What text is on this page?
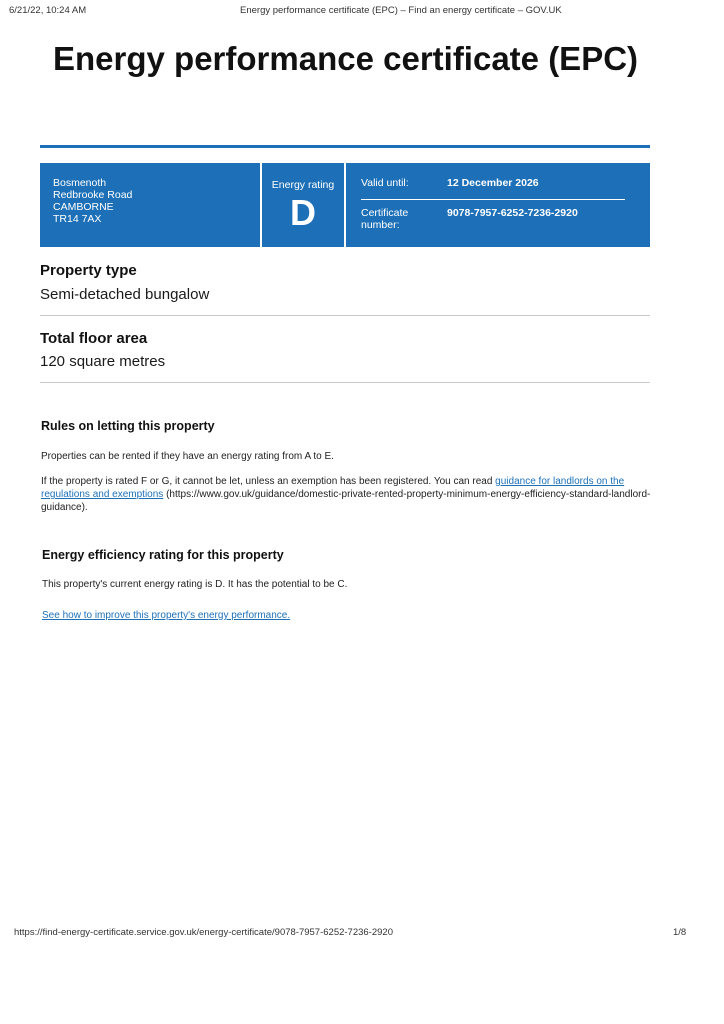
6/21/22, 10:24 AM	Energy performance certificate (EPC) – Find an energy certificate – GOV.UK
Energy performance certificate (EPC)
Bosmenoth
Redbrooke Road
CAMBORNE
TR14 7AX
Energy rating
D
Valid until:	12 December 2026
Certificate number:
9078-7957-6252-7236-2920
Property type
Semi-detached bungalow
Total floor area
120 square metres
Rules on letting this property
Properties can be rented if they have an energy rating from A to E.
If the property is rated F or G, it cannot be let, unless an exemption has been registered. You can read guidance for landlords on the regulations and exemptions (https://www.gov.uk/guidance/domestic-private-rented-property-minimum-energy-efficiency-standard-landlord-guidance).
Energy efficiency rating for this property
This property's current energy rating is D. It has the potential to be C.
See how to improve this property's energy performance.
https://find-energy-certificate.service.gov.uk/energy-certificate/9078-7957-6252-7236-2920	1/8
